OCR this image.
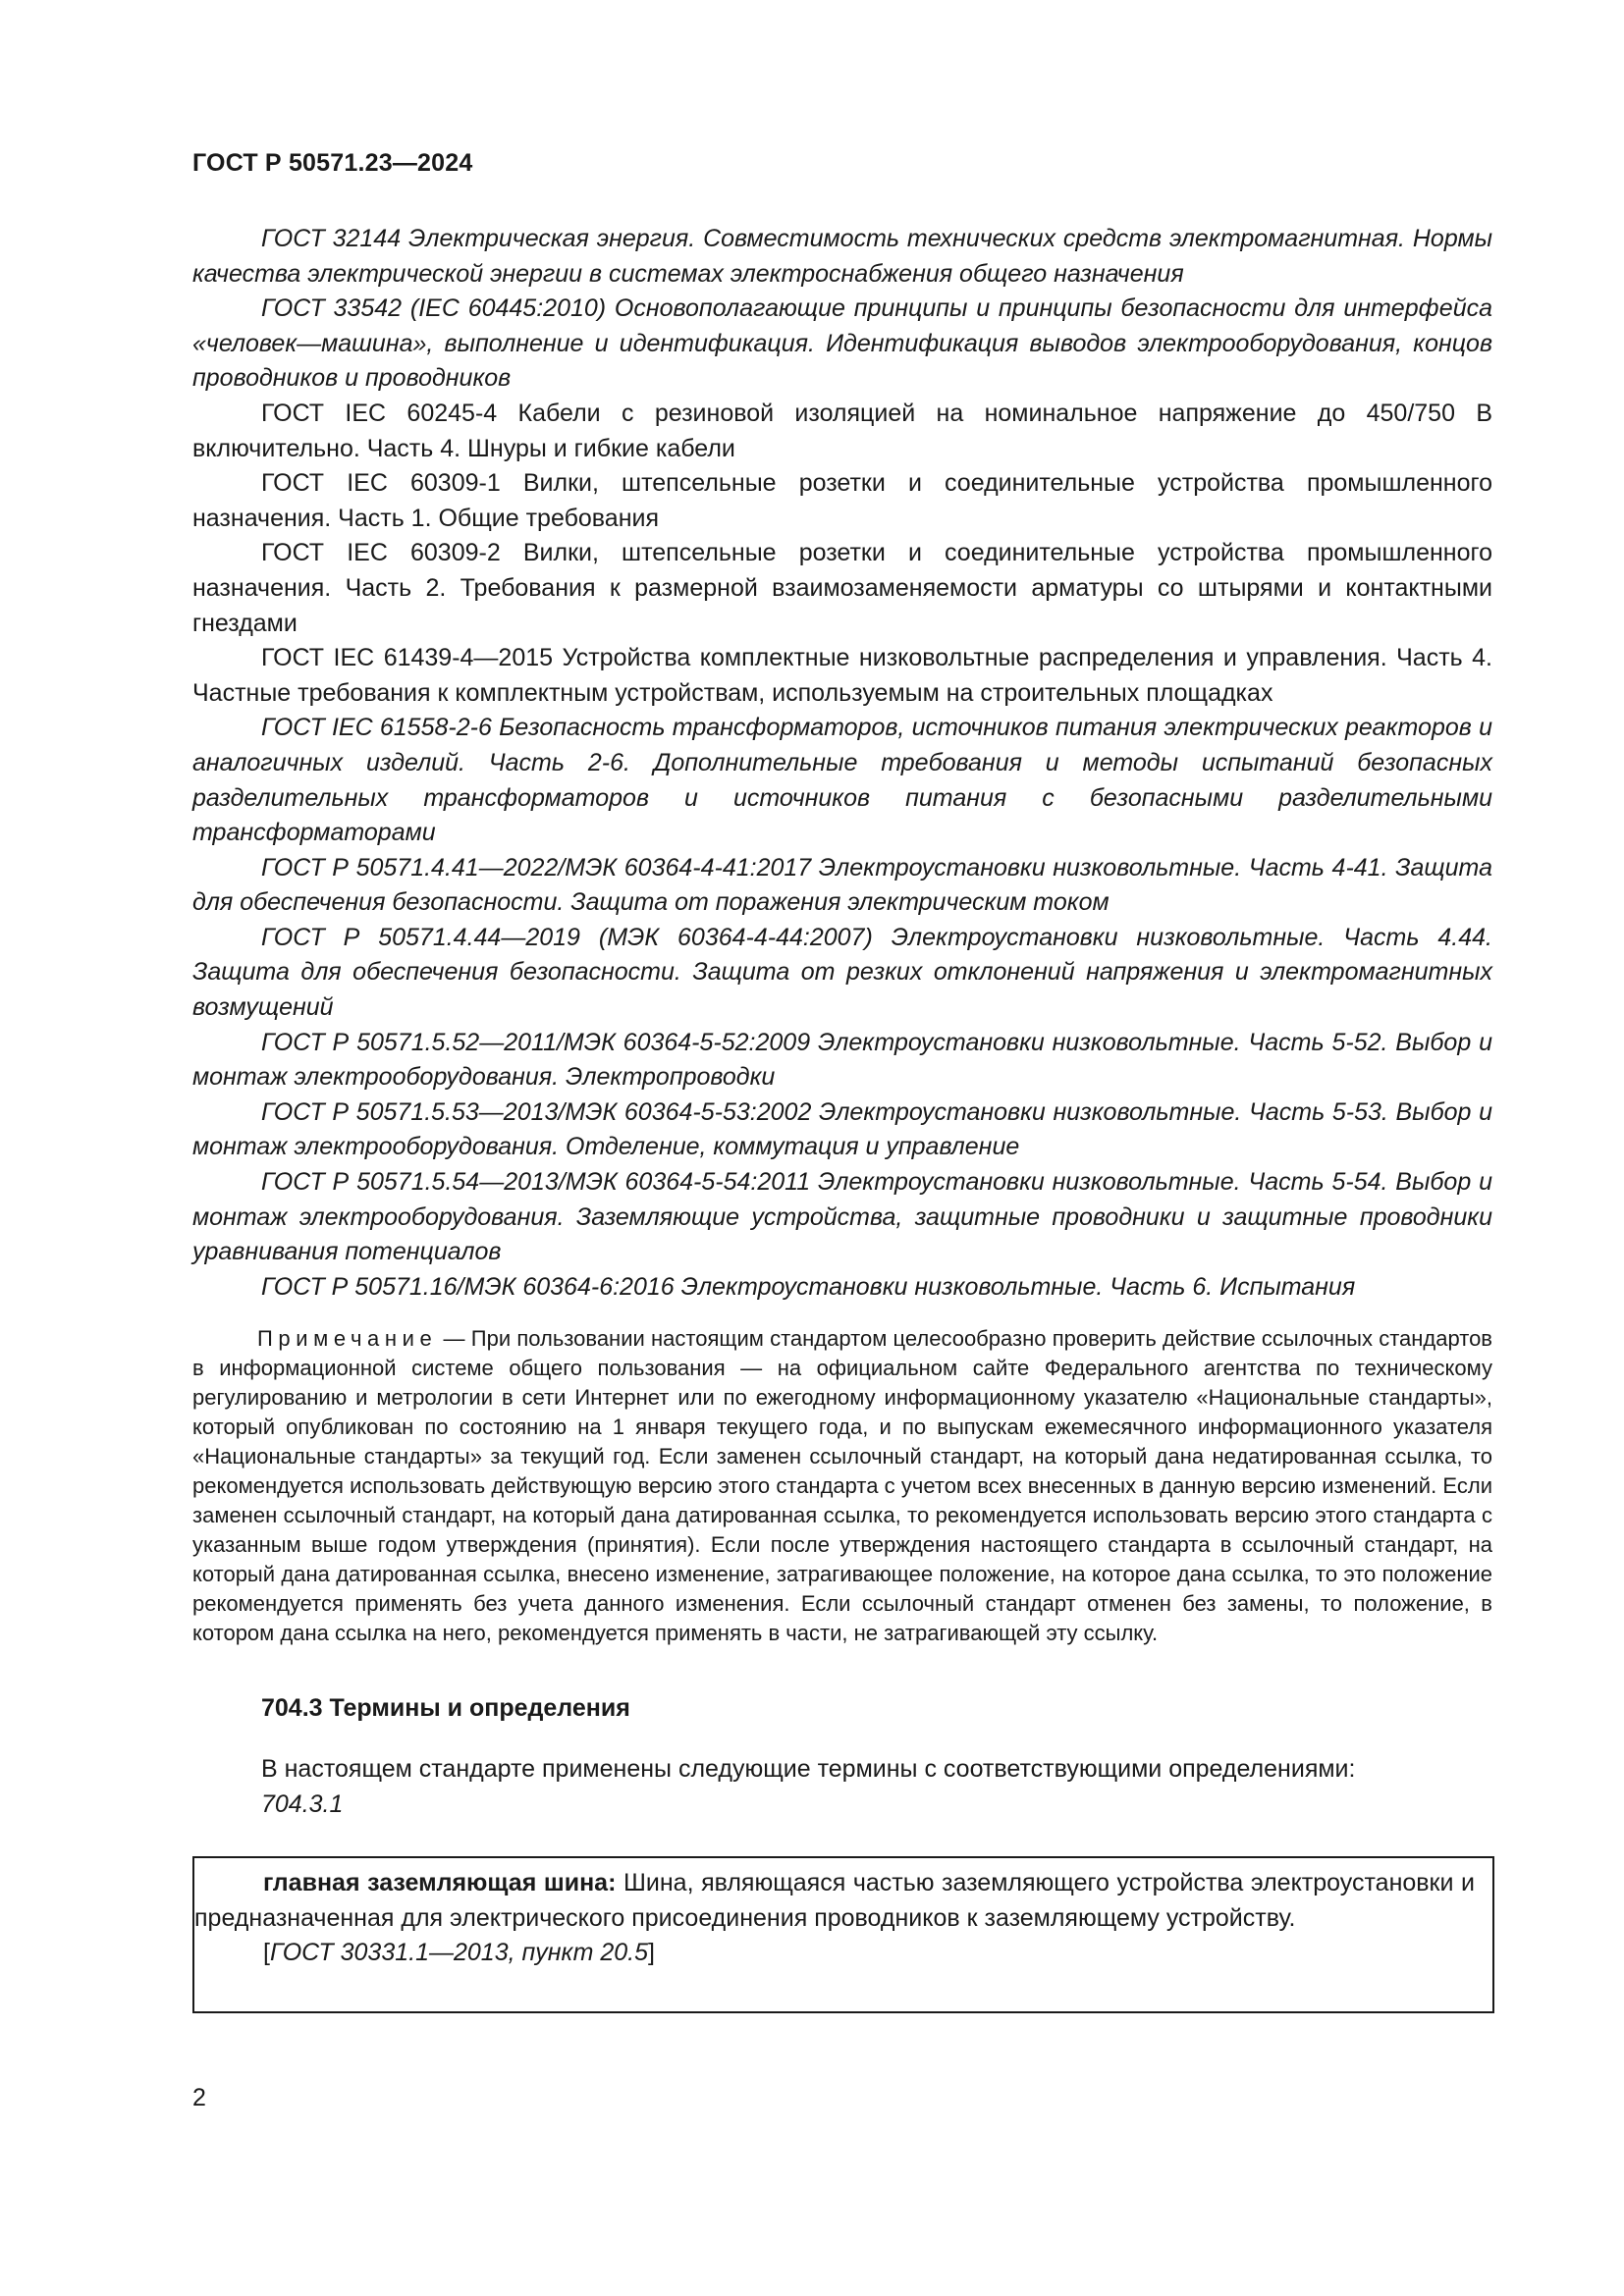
ГОСТ Р 50571.23—2024

ГОСТ 32144 Электрическая энергия. Совместимость технических средств электромагнитная. Нормы качества электрической энергии в системах электроснабжения общего назначения

ГОСТ 33542 (IEC 60445:2010) Основополагающие принципы и принципы безопасности для интерфейса «человек—машина», выполнение и идентификация. Идентификация выводов электрооборудования, концов проводников и проводников

ГОСТ IEC 60245-4 Кабели с резиновой изоляцией на номинальное напряжение до 450/750 В включительно. Часть 4. Шнуры и гибкие кабели

ГОСТ IEC 60309-1 Вилки, штепсельные розетки и соединительные устройства промышленного назначения. Часть 1. Общие требования

ГОСТ IEC 60309-2 Вилки, штепсельные розетки и соединительные устройства промышленного назначения. Часть 2. Требования к размерной взаимозаменяемости арматуры со штырями и контактными гнездами

ГОСТ IEC 61439-4—2015 Устройства комплектные низковольтные распределения и управления. Часть 4. Частные требования к комплектным устройствам, используемым на строительных площадках

ГОСТ IEC 61558-2-6 Безопасность трансформаторов, источников питания электрических реакторов и аналогичных изделий. Часть 2-6. Дополнительные требования и методы испытаний безопасных разделительных трансформаторов и источников питания с безопасными разделительными трансформаторами

ГОСТ Р 50571.4.41—2022/МЭК 60364-4-41:2017 Электроустановки низковольтные. Часть 4-41. Защита для обеспечения безопасности. Защита от поражения электрическим током

ГОСТ Р 50571.4.44—2019 (МЭК 60364-4-44:2007) Электроустановки низковольтные. Часть 4.44. Защита для обеспечения безопасности. Защита от резких отклонений напряжения и электромагнитных возмущений

ГОСТ Р 50571.5.52—2011/МЭК 60364-5-52:2009 Электроустановки низковольтные. Часть 5-52. Выбор и монтаж электрооборудования. Электропроводки

ГОСТ Р 50571.5.53—2013/МЭК 60364-5-53:2002 Электроустановки низковольтные. Часть 5-53. Выбор и монтаж электрооборудования. Отделение, коммутация и управление

ГОСТ Р 50571.5.54—2013/МЭК 60364-5-54:2011 Электроустановки низковольтные. Часть 5-54. Выбор и монтаж электрооборудования. Заземляющие устройства, защитные проводники и защитные проводники уравнивания потенциалов

ГОСТ Р 50571.16/МЭК 60364-6:2016 Электроустановки низковольтные. Часть 6. Испытания

Примечание — При пользовании настоящим стандартом целесообразно проверить действие ссылочных стандартов в информационной системе общего пользования — на официальном сайте Федерального агентства по техническому регулированию и метрологии в сети Интернет или по ежегодному информационному указателю «Национальные стандарты», который опубликован по состоянию на 1 января текущего года, и по выпускам ежемесячного информационного указателя «Национальные стандарты» за текущий год. Если заменен ссылочный стандарт, на который дана недатированная ссылка, то рекомендуется использовать действующую версию этого стандарта с учетом всех внесенных в данную версию изменений. Если заменен ссылочный стандарт, на который дана датированная ссылка, то рекомендуется использовать версию этого стандарта с указанным выше годом утверждения (принятия). Если после утверждения настоящего стандарта в ссылочный стандарт, на который дана датированная ссылка, внесено изменение, затрагивающее положение, на которое дана ссылка, то это положение рекомендуется применять без учета данного изменения. Если ссылочный стандарт отменен без замены, то положение, в котором дана ссылка на него, рекомендуется применять в части, не затрагивающей эту ссылку.

704.3 Термины и определения

В настоящем стандарте применены следующие термины с соответствующими определениями:
704.3.1

главная заземляющая шина: Шина, являющаяся частью заземляющего устройства электроустановки и предназначенная для электрического присоединения проводников к заземляющему устройству.

[ГОСТ 30331.1—2013, пункт 20.5]

2
